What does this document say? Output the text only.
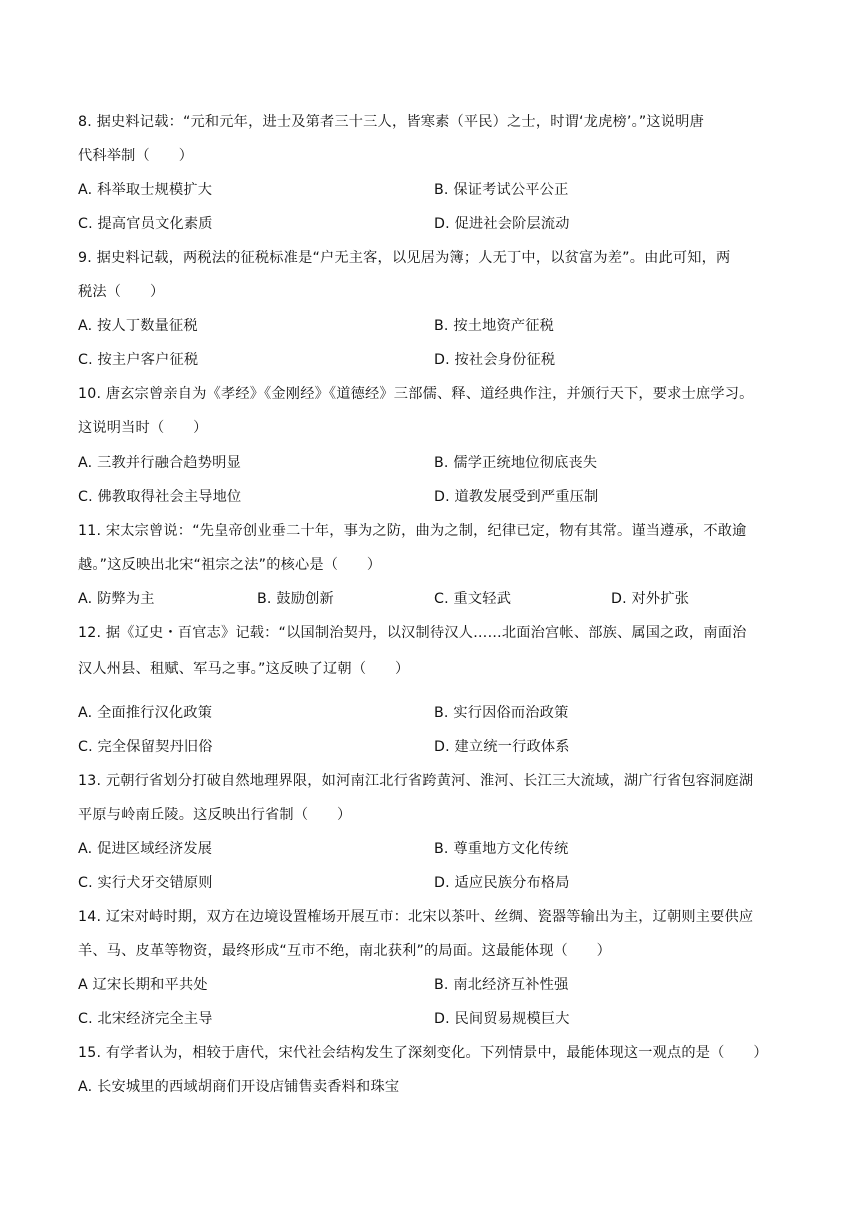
8. 据史料记载：“元和元年，进士及第者三十三人，皆寒素（平民）之士，时谓‘龙虎榜’。”这说明唐
代科举制（　　）
A. 科举取士规模扩大	B. 保证考试公平公正
C. 提高官员文化素质	D. 促进社会阶层流动
9. 据史料记载，两税法的征税标准是“户无主客，以见居为簿；人无丁中，以贫富为差”。由此可知，两
税法（　　）
A. 按人丁数量征税	B. 按土地资产征税
C. 按主户客户征税	D. 按社会身份征税
10. 唐玄宗曾亲自为《孝经》《金刚经》《道德经》三部儒、释、道经典作注，并颁行天下，要求士庶学习。
这说明当时（　　）
A. 三教并行融合趋势明显	B. 儒学正统地位彻底丧失
C. 佛教取得社会主导地位	D. 道教发展受到严重压制
11. 宋太宗曾说：“先皇帝创业垂二十年，事为之防，曲为之制，纪律已定，物有其常。谨当遵承，不敢逾
越。”这反映出北宋“祖宗之法”的核心是（　　）
A. 防弊为主	B. 鼓励创新	C. 重文轻武	D. 对外扩张
12. 据《辽史・百官志》记载：“以国制治契丹，以汉制待汉人……北面治宫帐、部族、属国之政，南面治
汉人州县、租赋、军马之事。”这反映了辽朝（　　）
A. 全面推行汉化政策	B. 实行因俗而治政策
C. 完全保留契丹旧俗	D. 建立统一行政体系
13. 元朝行省划分打破自然地理界限，如河南江北行省跨黄河、淮河、长江三大流域，湖广行省包容洞庭湖
平原与岭南丘陵。这反映出行省制（　　）
A. 促进区域经济发展	B. 尊重地方文化传统
C. 实行犬牙交错原则	D. 适应民族分布格局
14. 辽宋对峙时期，双方在边境设置榷场开展互市：北宋以茶叶、丝绸、瓷器等输出为主，辽朝则主要供应
羊、马、皮革等物资，最终形成“互市不绝，南北获利”的局面。这最能体现（　　）
A 辽宋长期和平共处	B. 南北经济互补性强
C. 北宋经济完全主导	D. 民间贸易规模巨大
15. 有学者认为，相较于唐代，宋代社会结构发生了深刻变化。下列情景中，最能体现这一观点的是（　　）
A. 长安城里的西域胡商们开设店铺售卖香料和珠宝
